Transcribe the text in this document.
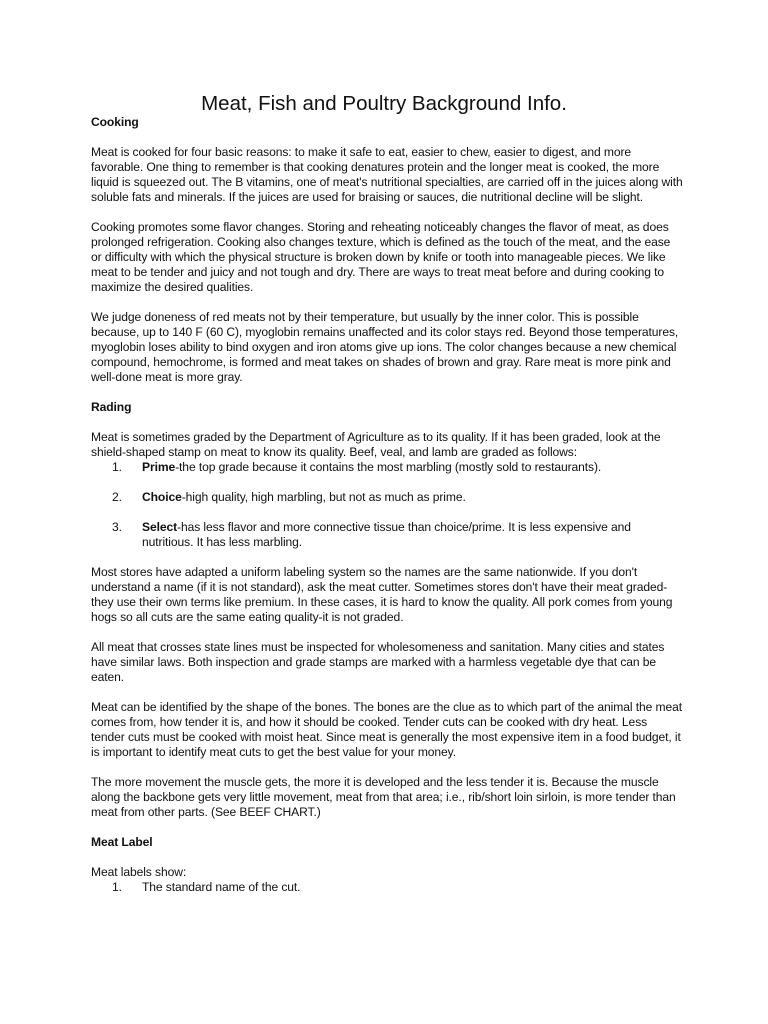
Meat, Fish and Poultry Background Info.

Cooking

Meat is cooked for four basic reasons: to make it safe to eat, easier to chew, easier to digest, and more favorable. One thing to remember is that cooking denatures protein and the longer meat is cooked, the more liquid is squeezed out. The B vitamins, one of meat's nutritional specialties, are carried off in the juices along with soluble fats and minerals. If the juices are used for braising or sauces, die nutritional decline will be slight.

Cooking promotes some flavor changes. Storing and reheating noticeably changes the flavor of meat, as does prolonged refrigeration. Cooking also changes texture, which is defined as the touch of the meat, and the ease or difficulty with which the physical structure is broken down by knife or tooth into manageable pieces. We like meat to be tender and juicy and not tough and dry. There are ways to treat meat before and during cooking to maximize the desired qualities.

We judge doneness of red meats not by their temperature, but usually by the inner color. This is possible because, up to 140 F (60 C), myoglobin remains unaffected and its color stays red. Beyond those temperatures, myoglobin loses ability to bind oxygen and iron atoms give up ions. The color changes because a new chemical compound, hemochrome, is formed and meat takes on shades of brown and gray. Rare meat is more pink and well-done meat is more gray.

Rading

Meat is sometimes graded by the Department of Agriculture as to its quality. If it has been graded, look at the shield-shaped stamp on meat to know its quality. Beef, veal, and lamb are graded as follows:

1. Prime-the top grade because it contains the most marbling (mostly sold to restaurants).
2. Choice-high quality, high marbling, but not as much as prime.
3. Select-has less flavor and more connective tissue than choice/prime. It is less expensive and nutritious. It has less marbling.

Most stores have adapted a uniform labeling system so the names are the same nationwide. If you don't understand a name (if it is not standard), ask the meat cutter. Sometimes stores don't have their meat graded-they use their own terms like premium. In these cases, it is hard to know the quality. All pork comes from young hogs so all cuts are the same eating quality-it is not graded.

All meat that crosses state lines must be inspected for wholesomeness and sanitation. Many cities and states have similar laws. Both inspection and grade stamps are marked with a harmless vegetable dye that can be eaten.

Meat can be identified by the shape of the bones. The bones are the clue as to which part of the animal the meat comes from, how tender it is, and how it should be cooked. Tender cuts can be cooked with dry heat. Less tender cuts must be cooked with moist heat. Since meat is generally the most expensive item in a food budget, it is important to identify meat cuts to get the best value for your money.

The more movement the muscle gets, the more it is developed and the less tender it is. Because the muscle along the backbone gets very little movement, meat from that area; i.e., rib/short loin sirloin, is more tender than meat from other parts. (See BEEF CHART.)

Meat Label

Meat labels show:

1. The standard name of the cut.
